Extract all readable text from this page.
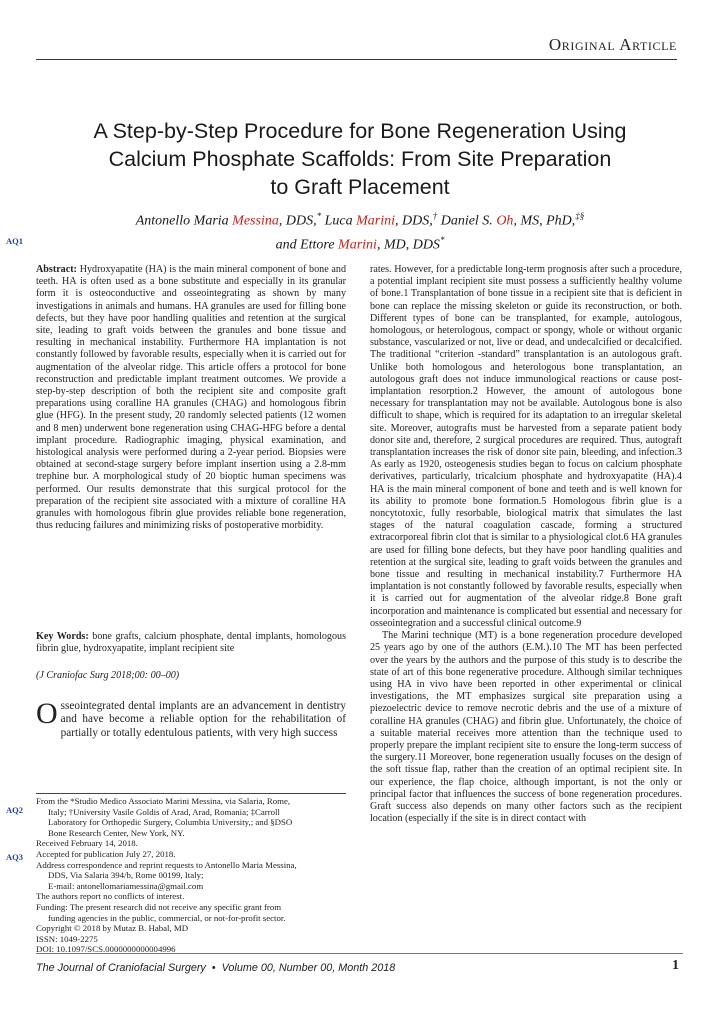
Original Article
A Step-by-Step Procedure for Bone Regeneration Using
Calcium Phosphate Scaffolds: From Site Preparation
to Graft Placement
Antonello Maria Messina, DDS,* Luca Marini, DDS,† Daniel S. Oh, MS, PhD,‡§
and Ettore Marini, MD, DDS*
AQ1
AQ2
AQ3
Abstract: Hydroxyapatite (HA) is the main mineral component of bone and teeth. HA is often used as a bone substitute and especially in its granular form it is osteoconductive and osseointegrating as shown by many investigations in animals and humans. HA granules are used for filling bone defects, but they have poor handling qualities and retention at the surgical site, leading to graft voids between the granules and bone tissue and resulting in mechanical instability. Furthermore HA implantation is not constantly followed by favorable results, especially when it is carried out for augmentation of the alveolar ridge. This article offers a protocol for bone reconstruction and predictable implant treatment outcomes. We provide a step-by-step description of both the recipient site and composite graft preparations using coralline HA granules (CHAG) and homologous fibrin glue (HFG). In the present study, 20 randomly selected patients (12 women and 8 men) underwent bone regeneration using CHAG-HFG before a dental implant procedure. Radiographic imaging, physical examination, and histological analysis were performed during a 2-year period. Biopsies were obtained at second-stage surgery before implant insertion using a 2.8-mm trephine bur. A morphological study of 20 bioptic human specimens was performed. Our results demonstrate that this surgical protocol for the preparation of the recipient site associated with a mixture of coralline HA granules with homologous fibrin glue provides reliable bone regeneration, thus reducing failures and minimizing risks of postoperative morbidity.
Key Words: bone grafts, calcium phosphate, dental implants, homologous fibrin glue, hydroxyapatite, implant recipient site
(J Craniofac Surg 2018;00: 00–00)
Osseointegrated dental implants are an advancement in dentistry and have become a reliable option for the rehabilitation of partially or totally edentulous patients, with very high success
From the *Studio Medico Associato Marini Messina, via Salaria, Rome,
Italy; †University Vasile Goldis of Arad, Arad, Romania; ‡Carroll
Laboratory for Orthopedic Surgery, Columbia University,; and §DSO
Bone Research Center, New York, NY.
Received February 14, 2018.
Accepted for publication July 27, 2018.
Address correspondence and reprint requests to Antonello Maria Messina,
DDS, Via Salaria 394/b, Rome 00199, Italy;
E-mail: antonellomariamessina@gmail.com
The authors report no conflicts of interest.
Funding: The present research did not receive any specific grant from
funding agencies in the public, commercial, or not-for-profit sector.
Copyright © 2018 by Mutaz B. Habal, MD
ISSN: 1049-2275
DOI: 10.1097/SCS.0000000000004996

rates. However, for a predictable long-term prognosis after such a procedure, a potential implant recipient site must possess a sufficiently healthy volume of bone.1 Transplantation of bone tissue in a recipient site that is deficient in bone can replace the missing skeleton or guide its reconstruction, or both. Different types of bone can be transplanted, for example, autologous, homologous, or heterologous, compact or spongy, whole or without organic substance, vascularized or not, live or dead, and undecalcified or decalcified. The traditional “criterion -standard” transplantation is an autologous graft. Unlike both homologous and heterologous bone transplantation, an autologous graft does not induce immunological reactions or cause post-implantation resorption.2 However, the amount of autologous bone necessary for transplantation may not be available. Autologous bone is also difficult to shape, which is required for its adaptation to an irregular skeletal site. Moreover, autografts must be harvested from a separate patient body donor site and, therefore, 2 surgical procedures are required. Thus, autograft transplantation increases the risk of donor site pain, bleeding, and infection.3 As early as 1920, osteogenesis studies began to focus on calcium phosphate derivatives, particularly, tricalcium phosphate and hydroxyapatite (HA).4 HA is the main mineral component of bone and teeth and is well known for its ability to promote bone formation.5 Homologous fibrin glue is a noncytotoxic, fully resorbable, biological matrix that simulates the last stages of the natural coagulation cascade, forming a structured extracorporeal fibrin clot that is similar to a physiological clot.6 HA granules are used for filling bone defects, but they have poor handling qualities and retention at the surgical site, leading to graft voids between the granules and bone tissue and resulting in mechanical instability.7 Furthermore HA implantation is not constantly followed by favorable results, especially when it is carried out for augmentation of the alveolar ridge.8 Bone graft incorporation and maintenance is complicated but essential and necessary for osseointegration and a successful clinical outcome.9

The Marini technique (MT) is a bone regeneration procedure developed 25 years ago by one of the authors (E.M.).10 The MT has been perfected over the years by the authors and the purpose of this study is to describe the state of art of this bone regenerative procedure. Although similar techniques using HA in vivo have been reported in other experimental or clinical investigations, the MT emphasizes surgical site preparation using a piezoelectric device to remove necrotic debris and the use of a mixture of coralline HA granules (CHAG) and fibrin glue. Unfortunately, the choice of a suitable material receives more attention than the technique used to properly prepare the implant recipient site to ensure the long-term success of the surgery.11 Moreover, bone regeneration usually focuses on the design of the soft tissue flap, rather than the creation of an optimal recipient site. In our experience, the flap choice, although important, is not the only or principal factor that influences the success of bone regeneration procedures. Graft success also depends on many other factors such as the recipient location (especially if the site is in direct contact with

The Journal of Craniofacial Surgery • Volume 00, Number 00, Month 2018	1
